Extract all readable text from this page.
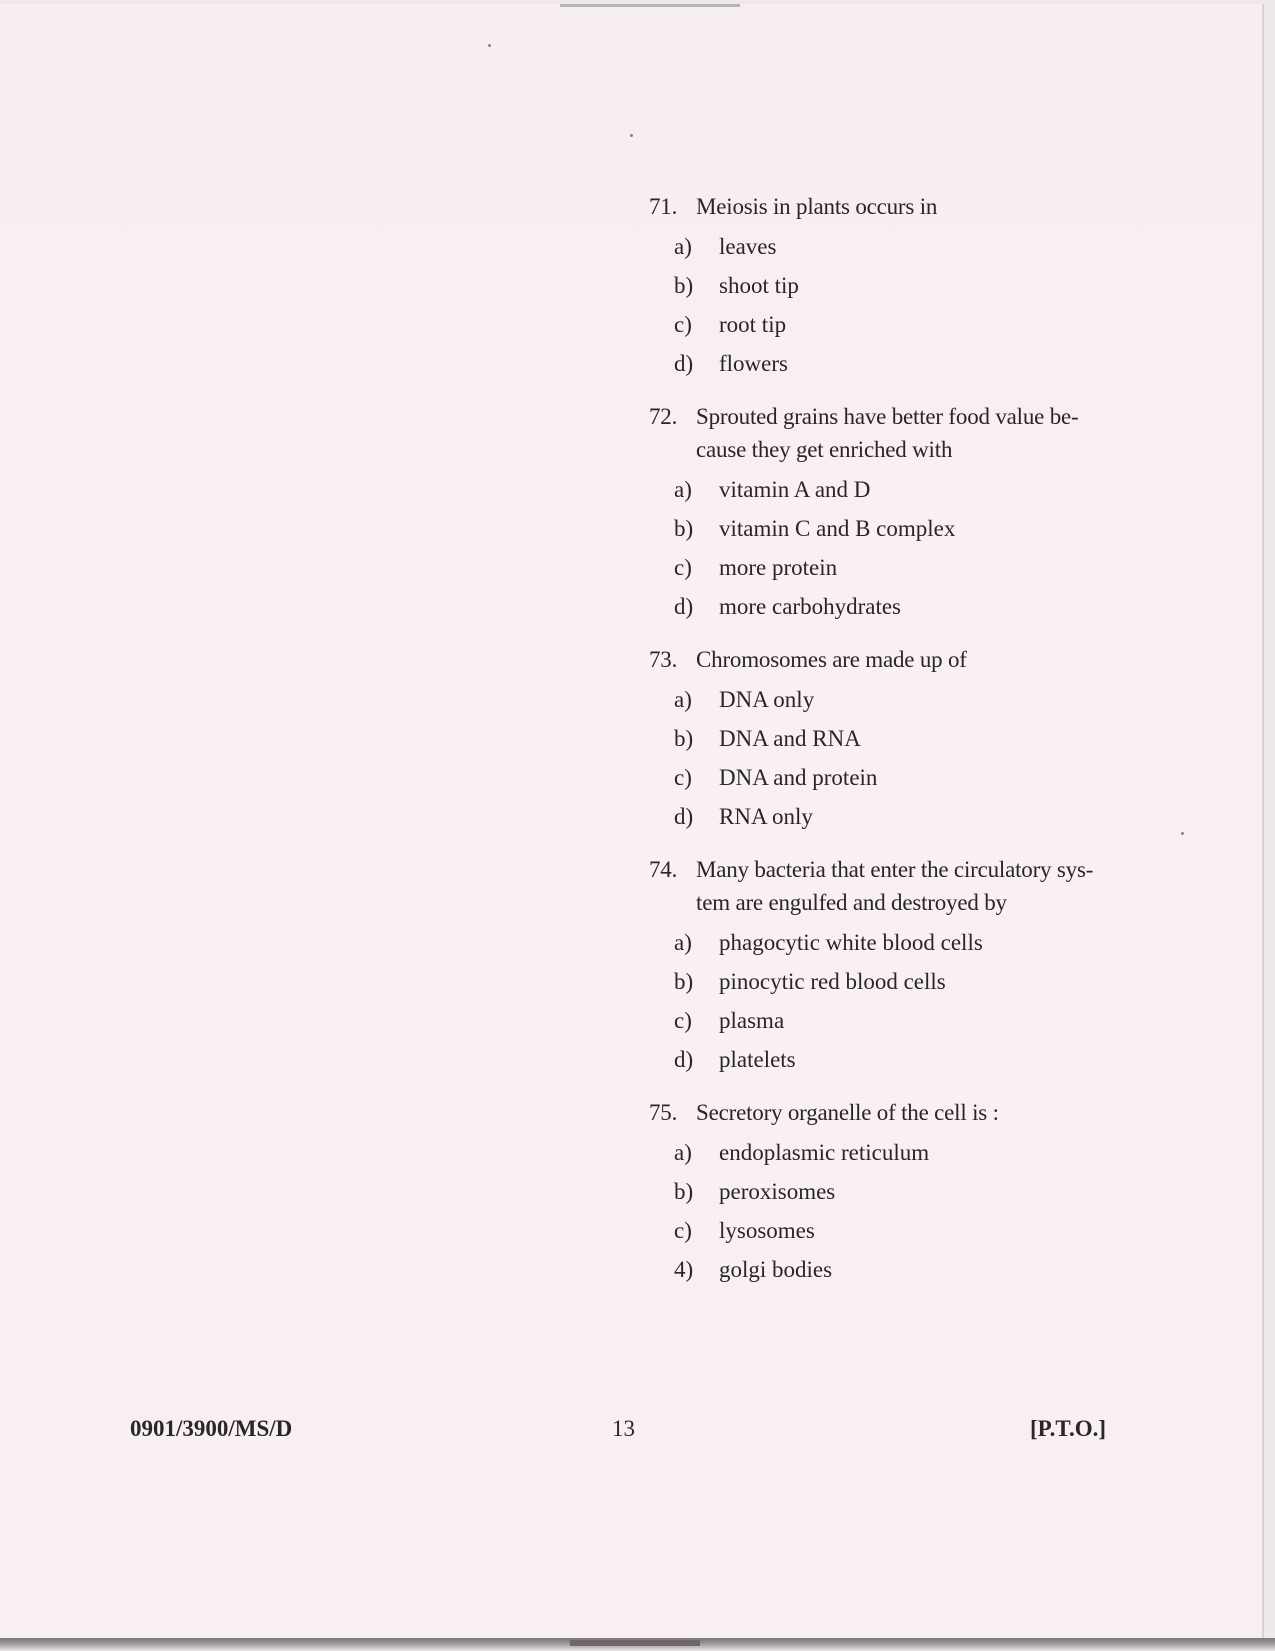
71. Meiosis in plants occurs in
a)	leaves
b)	shoot tip
c)	root tip
d)	flowers
72. Sprouted grains have better food value be-cause they get enriched with
a)	vitamin A and D
b)	vitamin C and B complex
c)	more protein
d)	more carbohydrates
73. Chromosomes are made up of
a)	DNA only
b)	DNA and RNA
c)	DNA and protein
d)	RNA only
74. Many bacteria that enter the circulatory sys-tem are engulfed and destroyed by
a)	phagocytic white blood cells
b)	pinocytic red blood cells
c)	plasma
d)	platelets
75. Secretory organelle of the cell is :
a)	endoplasmic reticulum
b)	peroxisomes
c)	lysosomes
4)	golgi bodies
0901/3900/MS/D	13	[P.T.O.]
